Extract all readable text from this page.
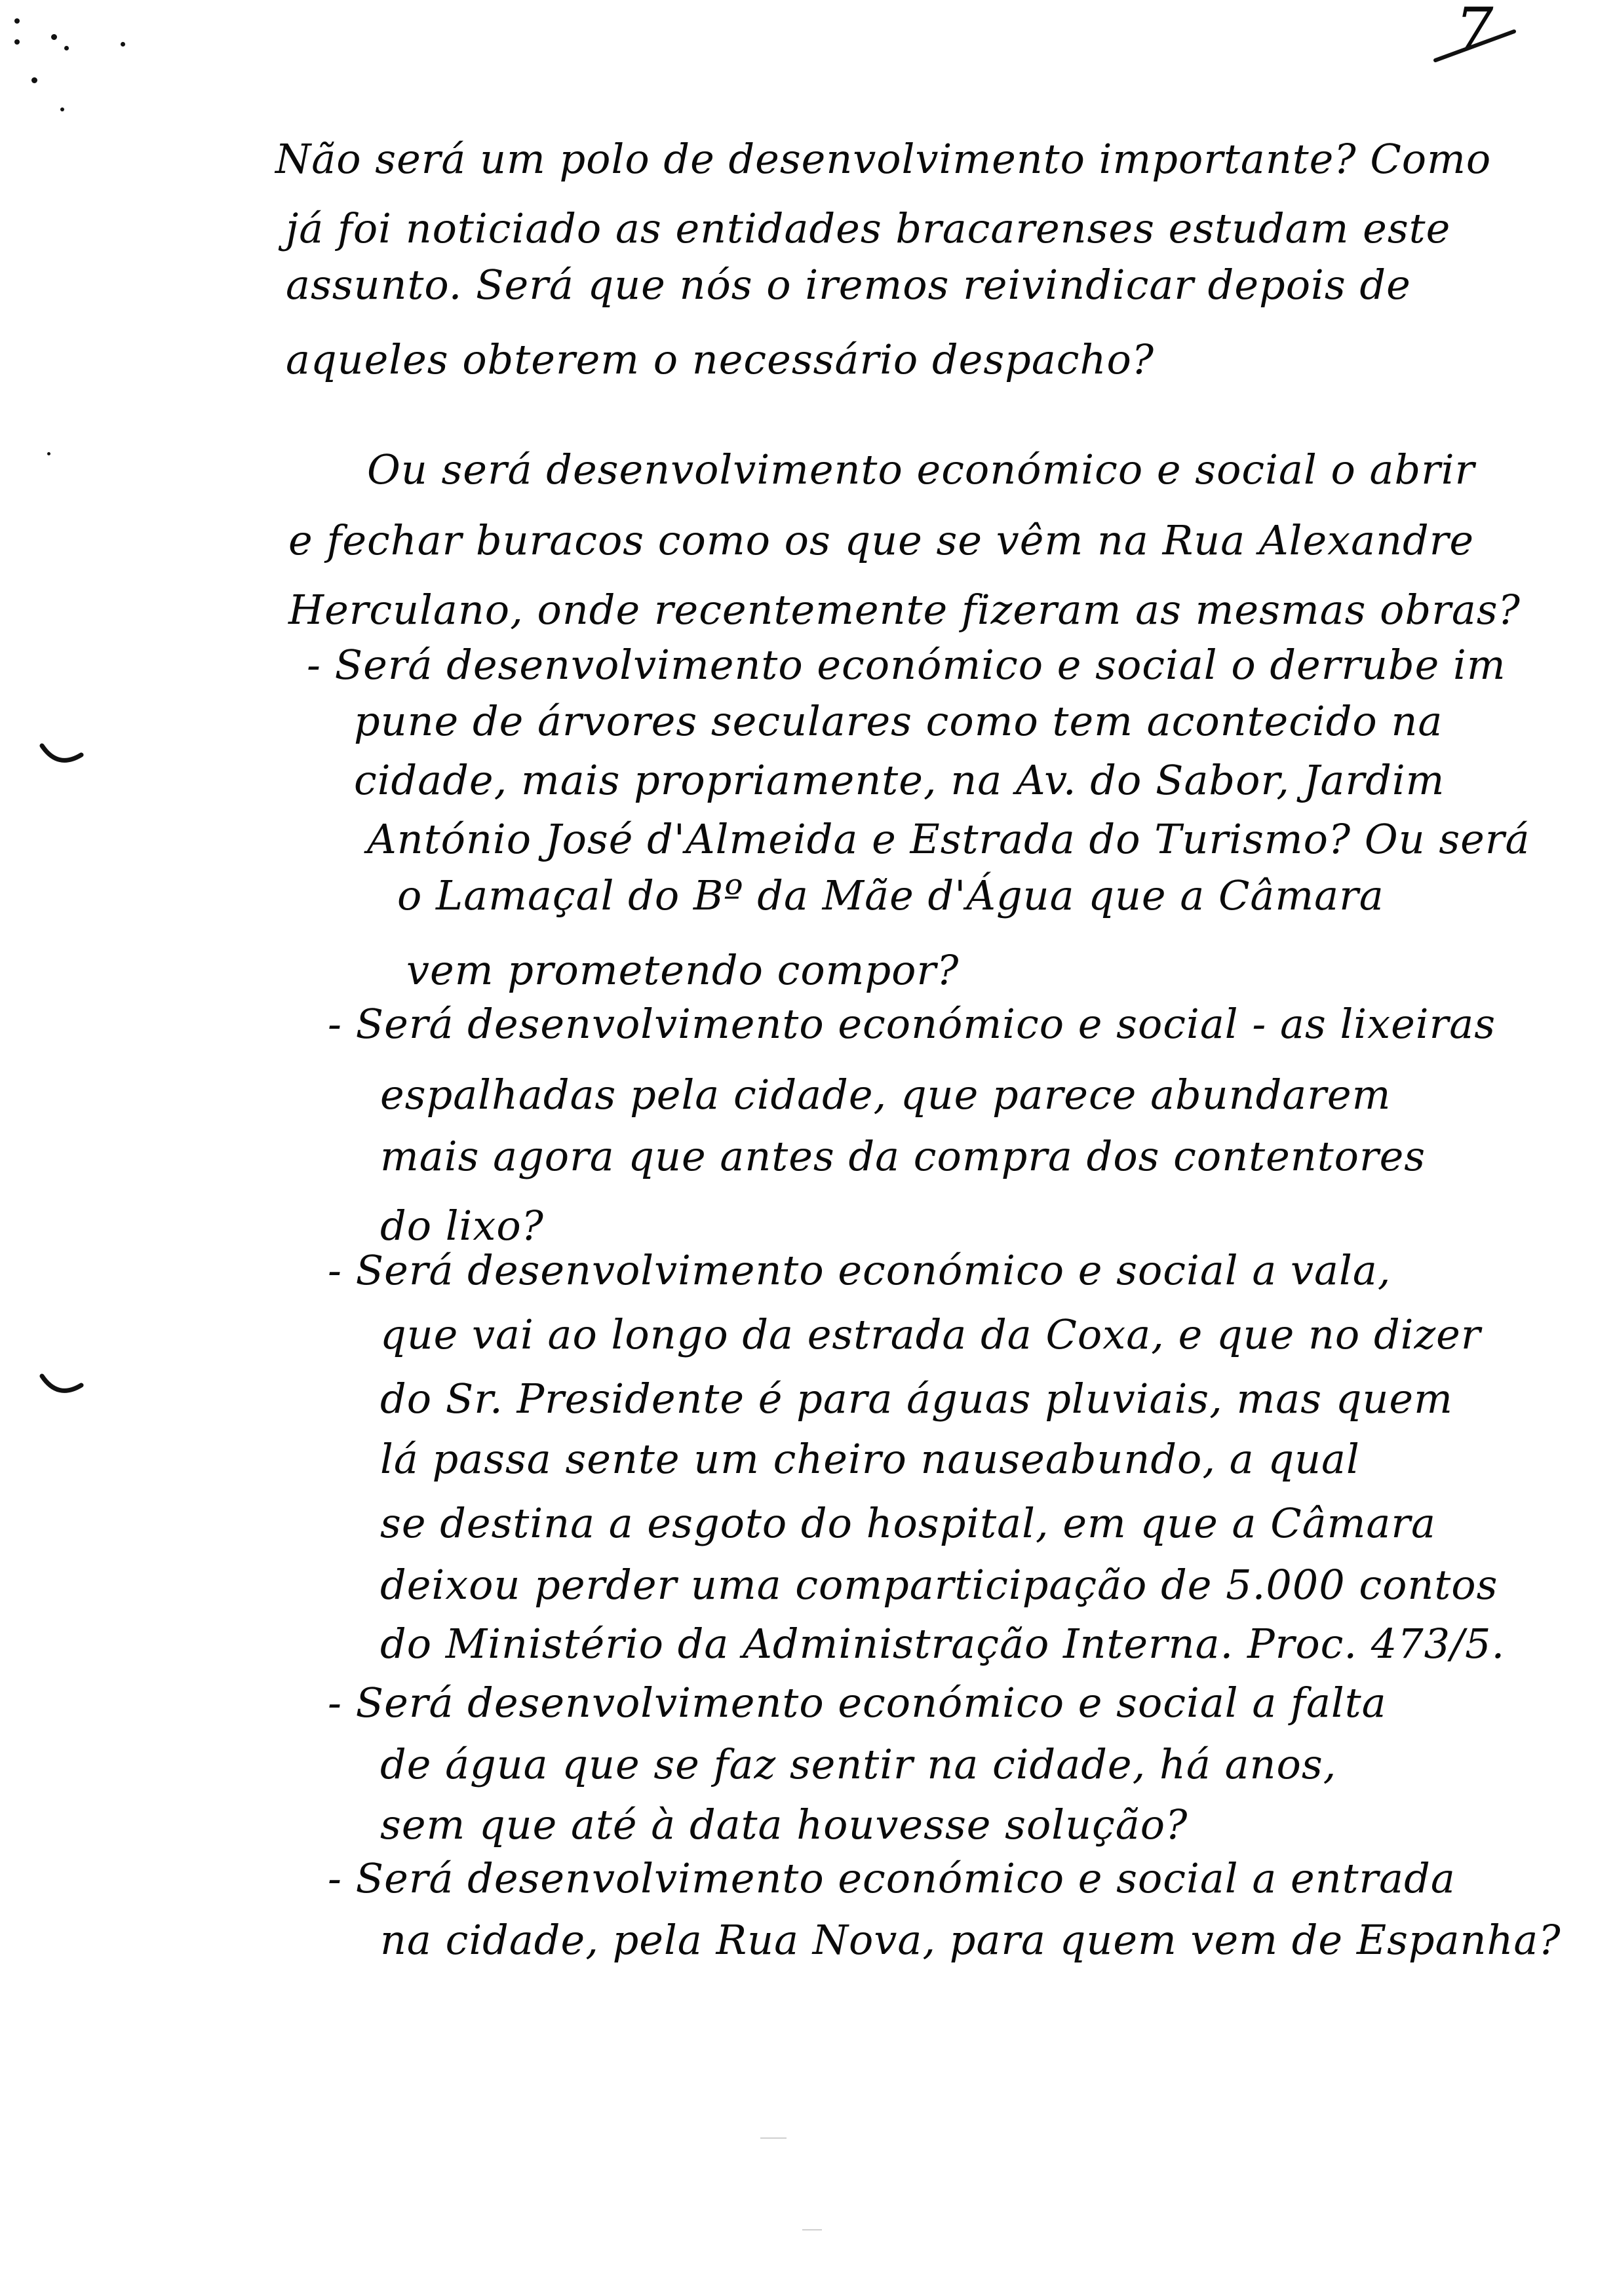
7
Não será um polo de desenvolvimento importante? Como
já foi noticiado as entidades bracarenses estudam este
assunto. Será que nós o iremos reivindicar depois de
aqueles obterem o necessário despacho?
Ou será desenvolvimento económico e social o abrir
e fechar buracos como os que se vêm na Rua Alexandre
Herculano, onde recentemente fizeram as mesmas obras?
- Será desenvolvimento económico e social o derrube im
pune de árvores seculares como tem acontecido na
cidade, mais propriamente, na Av. do Sabor, Jardim
António José d'Almeida e Estrada do Turismo? Ou será
o Lamaçal do Bº da Mãe d'Água que a Câmara
vem prometendo compor?
- Será desenvolvimento económico e social - as lixeiras
espalhadas pela cidade, que parece abundarem
mais agora que antes da compra dos contentores
do lixo?
- Será desenvolvimento económico e social a vala,
que vai ao longo da estrada da Coxa, e que no dizer
do Sr. Presidente é para águas pluviais, mas quem
lá passa sente um cheiro nauseabundo, a qual
se destina a esgoto do hospital, em que a Câmara
deixou perder uma comparticipação de 5.000 contos
do Ministério da Administração Interna. Proc. 473/5.
- Será desenvolvimento económico e social a falta
de água que se faz sentir na cidade, há anos,
sem que até à data houvesse solução?
- Será desenvolvimento económico e social a entrada
na cidade, pela Rua Nova, para quem vem de Espanha?
